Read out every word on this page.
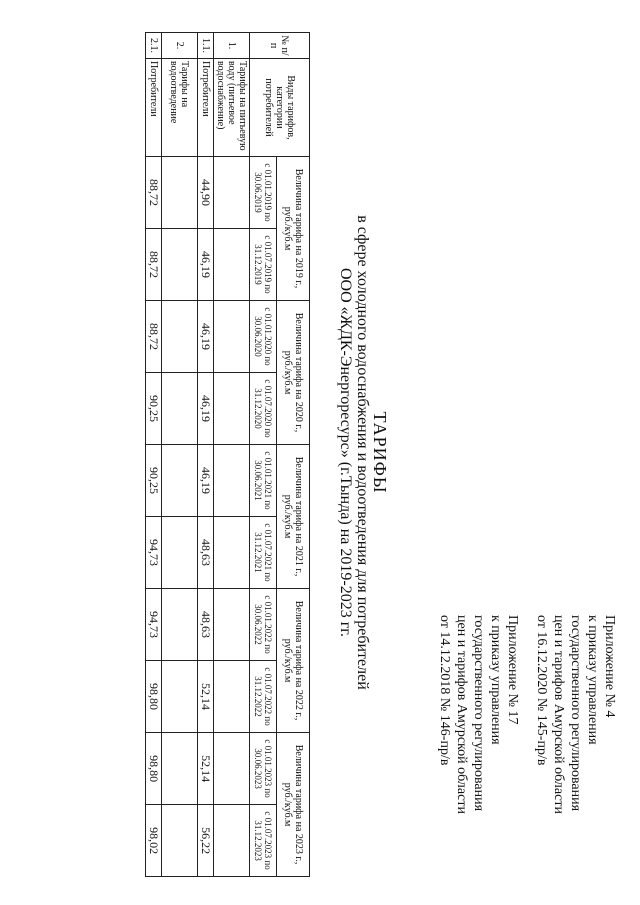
Приложение № 4

к приказу управления

государственного регулирования

цен и тарифов Амурской области

от 16.12.2020 № 145-пр/в

Приложение № 17

к приказу управления

государственного регулирования

цен и тарифов Амурской области

от 14.12.2018 № 146-пр/в

ТАРИФЫ
в сфере холодного водоснабжения и водоотведения для потребителей
ООО «ЖДК-Энергоресурс» (г.Тында) на 2019-2023 гг.
№ п/п	Виды тарифов, категории потребителей	Величина тарифа на 2019 г., руб./куб.м		Величина тарифа на 2020 г., руб./куб.м		Величина тарифа на 2021 г., руб./куб.м		Величина тарифа на 2022 г., руб./куб.м		Величина тарифа на 2023 г., руб./куб.м	
		с 01.01.2019 по 30.06.2019	с 01.07.2019 по 31.12.2019	с 01.01.2020 по 30.06.2020	с 01.07.2020 по 31.12.2020	с 01.01.2021 по 30.06.2021	с 01.07.2021 по 31.12.2021	с 01.01.2022 по 30.06.2022	с 01.07.2022 по 31.12.2022	с 01.01.2023 по 30.06.2023	с 01.07.2023 по 31.12.2023
1.	Тарифы на питьевую воду (питьевое водоснабжение)										
1.1.	Потребители	44,90	46,19	46,19	46,19	46,19	48,63	48,63	52,14	52,14	56,22
2.	Тарифы на водоотведение										
2.1.	Потребители	88,72	88,72	88,72	90,25	90,25	94,73	94,73	98,80	98,80	98,02
